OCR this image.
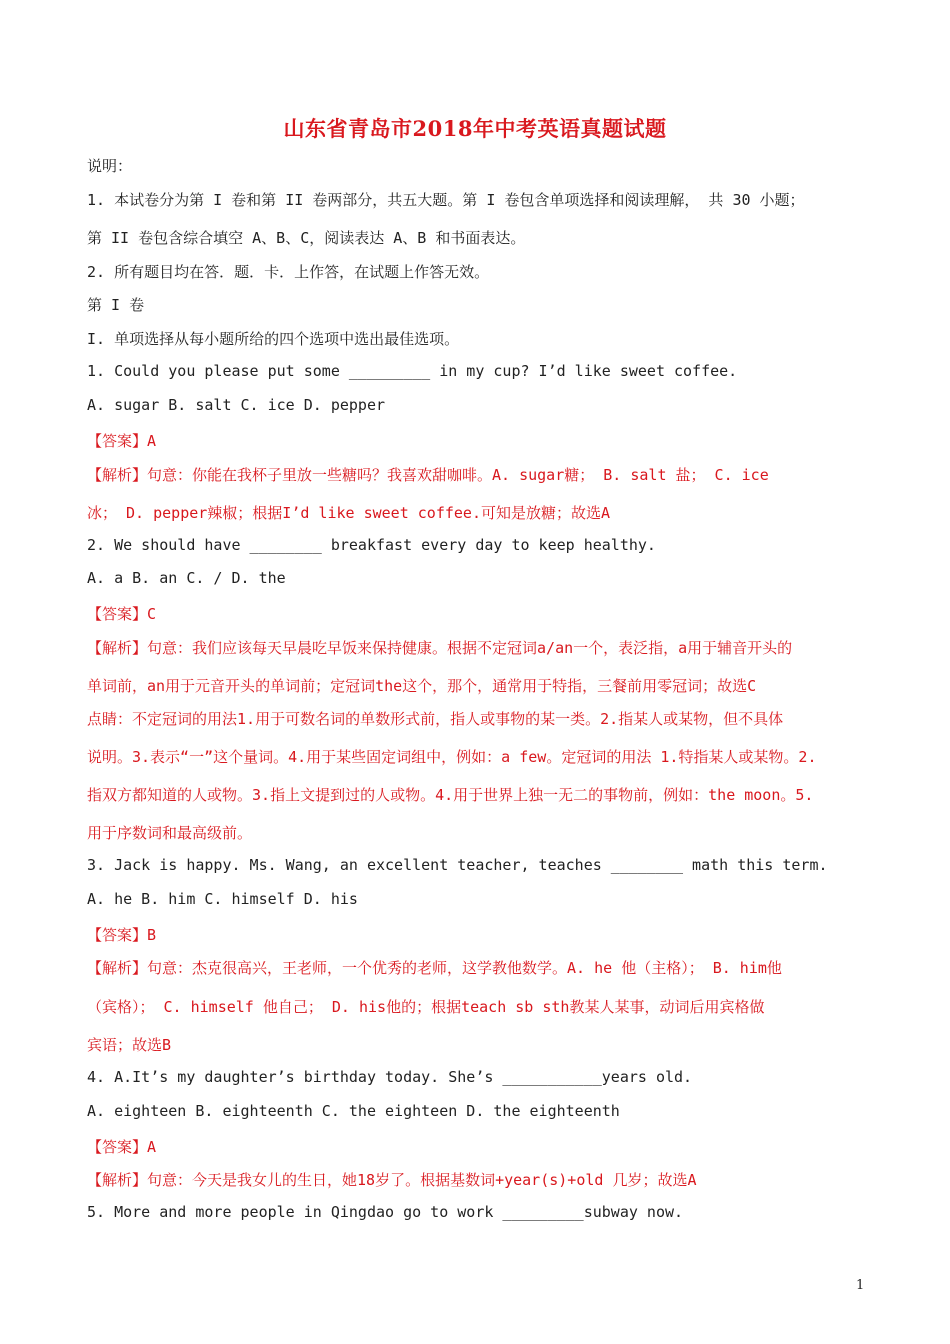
山东省青岛市2018年中考英语真题试题
说明：
1. 本试卷分为第 I 卷和第 II 卷两部分，共五大题。第 I 卷包含单项选择和阅读理解， 共 30 小题；
第 II 卷包含综合填空 A、B、C，阅读表达 A、B 和书面表达。
2. 所有题目均在答．题．卡．上作答，在试题上作答无效。
第 I 卷
I. 单项选择从每小题所给的四个选项中选出最佳选项。
1. Could you please put some _________ in my cup? I’d like sweet coffee.
A. sugar B. salt C. ice D. pepper
【答案】A
【解析】句意：你能在我杯子里放一些糖吗？我喜欢甜咖啡。A. sugar糖； B. salt 盐； C. ice
冰； D. pepper辣椒；根据I’d like sweet coffee.可知是放糖；故选A
2. We should have ________ breakfast every day to keep healthy.
A. a B. an C. / D. the
【答案】C
【解析】句意：我们应该每天早晨吃早饭来保持健康。根据不定冠词a/an一个，表泛指，a用于辅音开头的
单词前，an用于元音开头的单词前；定冠词the这个，那个，通常用于特指，三餐前用零冠词；故选C
点睛：不定冠词的用法1.用于可数名词的单数形式前，指人或事物的某一类。2.指某人或某物，但不具体
说明。3.表示“一”这个量词。4.用于某些固定词组中，例如：a few。定冠词的用法 1.特指某人或某物。2.
指双方都知道的人或物。3.指上文提到过的人或物。4.用于世界上独一无二的事物前，例如：the moon。5.
用于序数词和最高级前。
3. Jack is happy. Ms. Wang, an excellent teacher, teaches ________ math this term.
A. he B. him C. himself D. his
【答案】B
【解析】句意：杰克很高兴，王老师，一个优秀的老师，这学教他数学。A. he 他（主格）； B. him他
（宾格）； C. himself 他自己； D. his他的；根据teach sb sth教某人某事，动词后用宾格做
宾语；故选B
4. A.It’s my daughter’s birthday today. She’s ___________years old.
A. eighteen B. eighteenth C. the eighteen D. the eighteenth
【答案】A
【解析】句意：今天是我女儿的生日，她18岁了。根据基数词+year(s)+old 几岁；故选A
5. More and more people in Qingdao go to work _________subway now.
1
